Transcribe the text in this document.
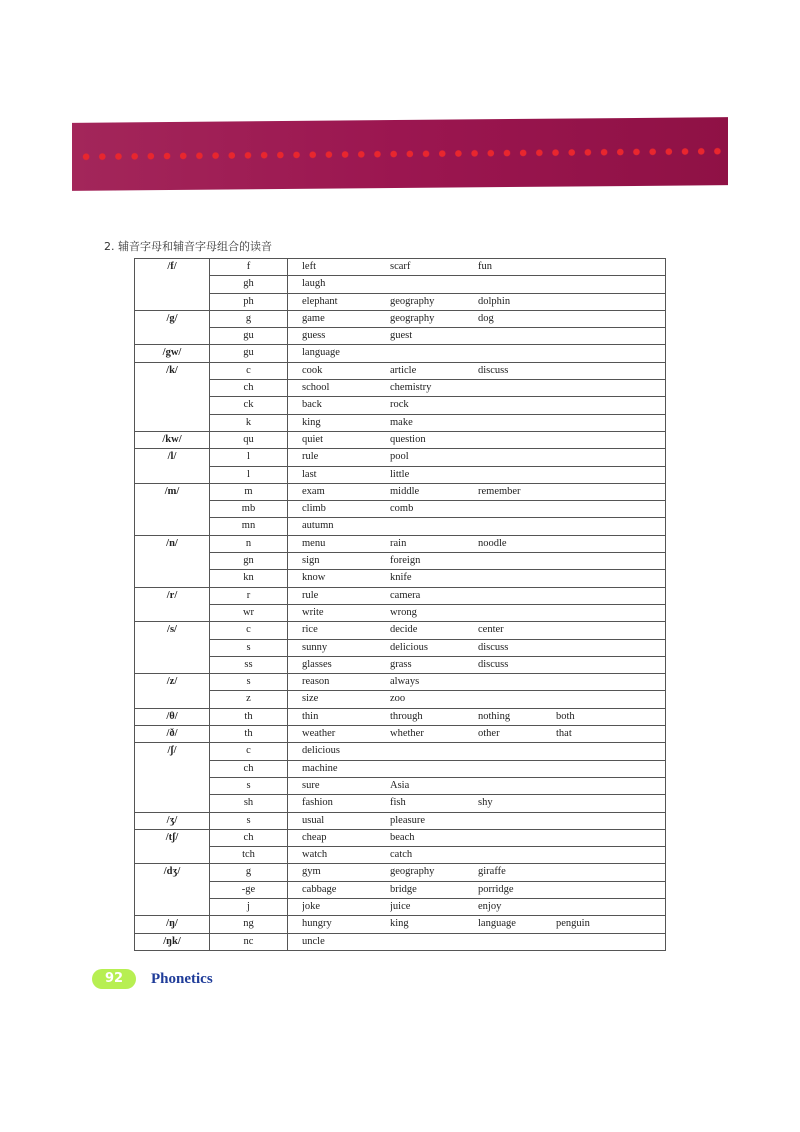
2. 辅音字母和辅音字母组合的读音
/f/	f	left scarf fun
	gh	laugh
	ph	elephant geography dolphin
/g/	g	game geography dog
	gu	guess guest
/gw/	gu	language
/k/	c	cook article discuss
	ch	school chemistry
	ck	back rock
	k	king make
/kw/	qu	quiet question
/l/	l	rule pool
	l	last little
/m/	m	exam middle remember
	mb	climb comb
	mn	autumn
/n/	n	menu rain noodle
	gn	sign foreign
	kn	know knife
/r/	r	rule camera
	wr	write wrong
/s/	c	rice decide center
	s	sunny delicious discuss
	ss	glasses grass discuss
/z/	s	reason always
	z	size zoo
/θ/	th	thin through nothing both
/ð/	th	weather whether other that
/ʃ/	c	delicious
	ch	machine
	s	sure Asia
	sh	fashion fish shy
/ʒ/	s	usual pleasure
/tʃ/	ch	cheap beach
	tch	watch catch
/dʒ/	g	gym geography giraffe
	-ge	cabbage bridge porridge
	j	joke juice enjoy
/ŋ/	ng	hungry king language penguin
/ŋk/	nc	uncle
92	Phonetics
